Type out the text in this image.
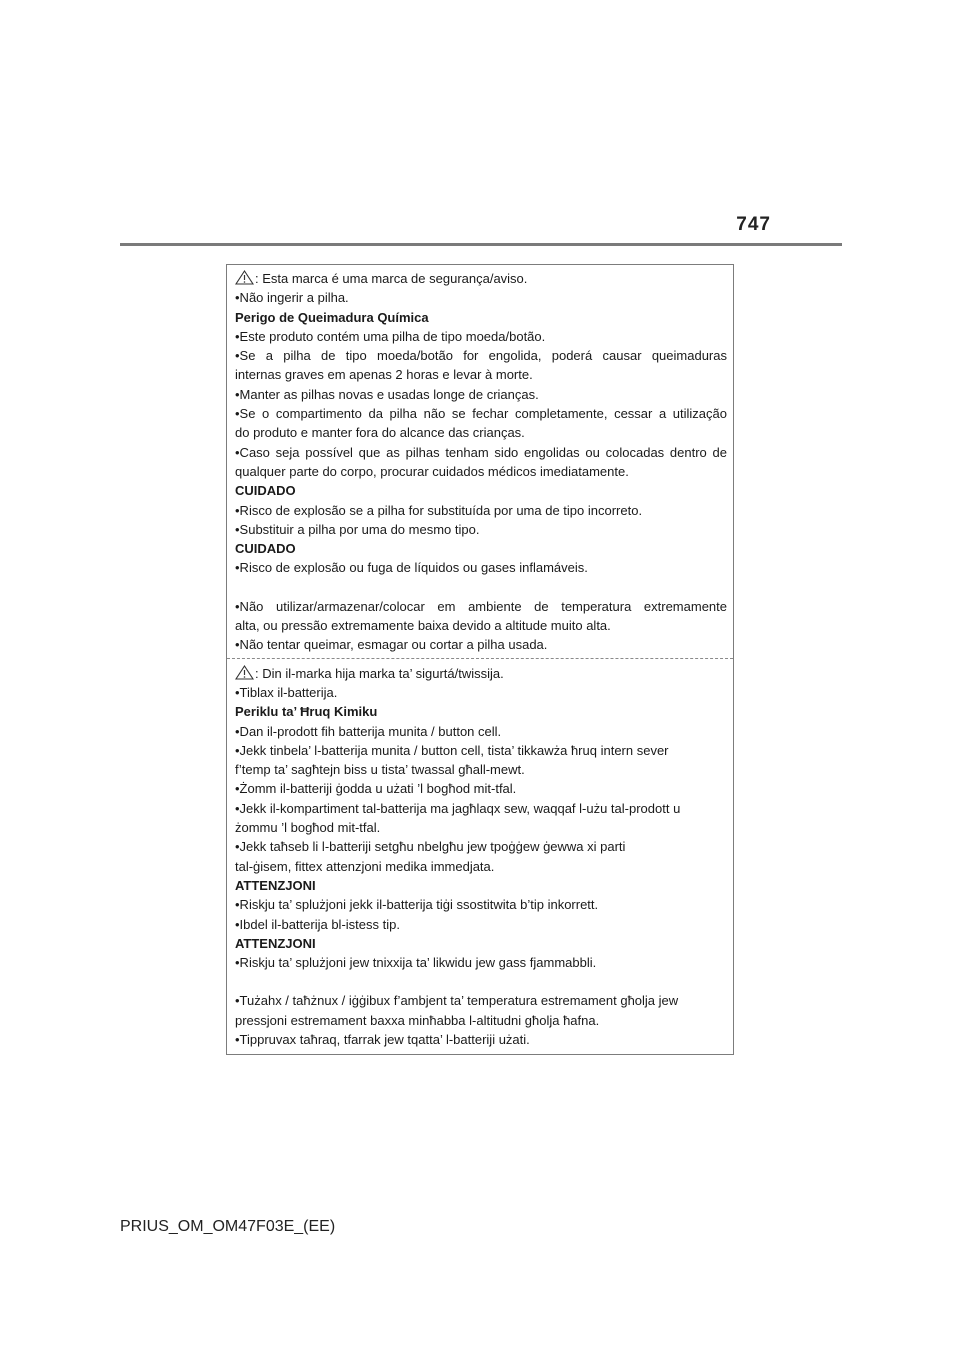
747
: Esta marca é uma marca de segurança/aviso.
•Não ingerir a pilha.
Perigo de Queimadura Química
•Este produto contém uma pilha de tipo moeda/botão.
•Se a pilha de tipo moeda/botão for engolida, poderá causar queimaduras
internas graves em apenas 2 horas e levar à morte.
•Manter as pilhas novas e usadas longe de crianças.
•Se o compartimento da pilha não se fechar completamente, cessar a utilização
do produto e manter fora do alcance das crianças.
•Caso seja possível que as pilhas tenham sido engolidas ou colocadas dentro de
qualquer parte do corpo, procurar cuidados médicos imediatamente.
CUIDADO
•Risco de explosão se a pilha for substituída por uma de tipo incorreto.
•Substituir a pilha por uma do mesmo tipo.
CUIDADO
•Risco de explosão ou fuga de líquidos ou gases inflamáveis.
•Não utilizar/armazenar/colocar em ambiente de temperatura extremamente
alta, ou pressão extremamente baixa devido a altitude muito alta.
•Não tentar queimar, esmagar ou cortar a pilha usada.
: Din il-marka hija marka ta’ sigurtá/twissija.
•Tiblax il-batterija.
Periklu ta’ Ħruq Kimiku
•Dan il-prodott fih batterija munita / button cell.
•Jekk tinbela’ l-batterija munita / button cell, tista’ tikkawża ħruq intern sever
f’temp ta’ sagħtejn biss u tista’ twassal għall-mewt.
•Żomm il-batteriji ġodda u użati ’l bogħod mit-tfal.
•Jekk il-kompartiment tal-batterija ma jagħlaqx sew, waqqaf l-użu tal-prodott u
żommu ’l bogħod mit-tfal.
•Jekk taħseb li l-batteriji setgħu nbelgħu jew tpoġġew ġewwa xi parti
tal-ġisem, fittex attenzjoni medika immedjata.
ATTENZJONI
•Riskju ta’ splużjoni jekk il-batterija tiġi ssostitwita b’tip inkorrett.
•Ibdel il-batterija bl-istess tip.
ATTENZJONI
•Riskju ta’ splużjoni jew tnixxija ta’ likwidu jew gass fjammabbli.
•Tużahx / taħżnux / iġġibux f’ambjent ta’ temperatura estremament għolja jew
pressjoni estremament baxxa minħabba l-altitudni għolja ħafna.
•Tippruvax taħraq, tfarrak jew tqatta’ l-batteriji użati.
PRIUS_OM_OM47F03E_(EE)
